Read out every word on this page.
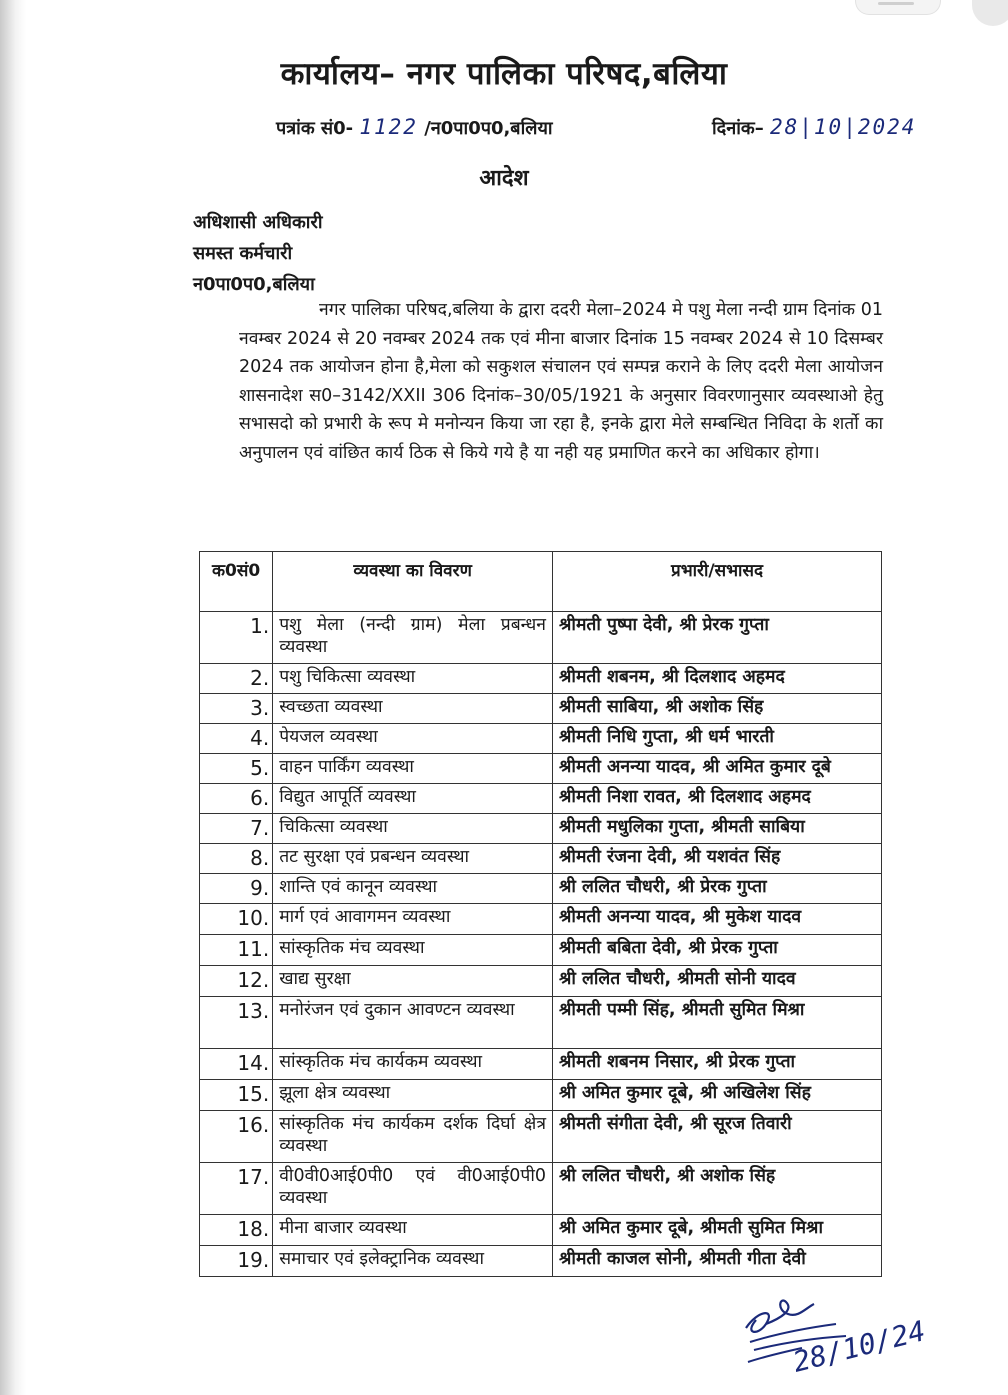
कार्यालय– नगर पालिका परिषद,बलिया
पत्रांक सं0- 1122 /न0पा0प0,बलिया	दिनांक– 28|10|2024
आदेश
अधिशासी अधिकारी
समस्त कर्मचारी
न0पा0प0,बलिया
नगर पालिका परिषद,बलिया के द्वारा ददरी मेला–2024 मे पशु मेला नन्दी ग्राम दिनांक 01 नवम्बर 2024 से 20 नवम्बर 2024 तक एवं मीना बाजार दिनांक 15 नवम्बर 2024 से 10 दिसम्बर 2024 तक आयोजन होना है,मेला को सकुशल संचालन एवं सम्पन्न कराने के लिए ददरी मेला आयोजन शासनादेश स0–3142/XXII 306 दिनांक–30/05/1921 के अनुसार विवरणानुसार व्यवस्थाओ हेतु सभासदो को प्रभारी के रूप मे मनोन्यन किया जा रहा है, इनके द्वारा मेले सम्बन्धित निविदा के शर्तो का अनुपालन एवं वांछित कार्य ठिक से किये गये है या नही यह प्रमाणित करने का अधिकार होगा।
क0सं0	व्यवस्था का विवरण	प्रभारी/सभासद
1.	पशु मेला (नन्दी ग्राम) मेला प्रबन्धन व्यवस्था	श्रीमती पुष्पा देवी, श्री प्रेरक गुप्ता
2.	पशु चिकित्सा व्यवस्था	श्रीमती शबनम, श्री दिलशाद अहमद
3.	स्वच्छता व्यवस्था	श्रीमती साबिया, श्री अशोक सिंह
4.	पेयजल व्यवस्था	श्रीमती निधि गुप्ता, श्री धर्म भारती
5.	वाहन पार्किंग व्यवस्था	श्रीमती अनन्या यादव, श्री अमित कुमार दूबे
6.	विद्युत आपूर्ति व्यवस्था	श्रीमती निशा रावत, श्री दिलशाद अहमद
7.	चिकित्सा व्यवस्था	श्रीमती मधुलिका गुप्ता, श्रीमती साबिया
8.	तट सुरक्षा एवं प्रबन्धन व्यवस्था	श्रीमती रंजना देवी, श्री यशवंत सिंह
9.	शान्ति एवं कानून व्यवस्था	श्री ललित चौधरी, श्री प्रेरक गुप्ता
10.	मार्ग एवं आवागमन व्यवस्था	श्रीमती अनन्या यादव, श्री मुकेश यादव
11.	सांस्कृतिक मंच व्यवस्था	श्रीमती बबिता देवी, श्री प्रेरक गुप्ता
12.	खाद्य सुरक्षा	श्री ललित चौधरी, श्रीमती सोनी यादव
13.	मनोरंजन एवं दुकान आवण्टन व्यवस्था	श्रीमती पम्मी सिंह, श्रीमती सुमित मिश्रा
14.	सांस्कृतिक मंच कार्यकम व्यवस्था	श्रीमती शबनम निसार, श्री प्रेरक गुप्ता
15.	झूला क्षेत्र व्यवस्था	श्री अमित कुमार दूबे, श्री अखिलेश सिंह
16.	सांस्कृतिक मंच कार्यकम दर्शक दिर्घा क्षेत्र व्यवस्था	श्रीमती संगीता देवी, श्री सूरज तिवारी
17.	वी0वी0आई0पी0 एवं वी0आई0पी0 व्यवस्था	श्री ललित चौधरी, श्री अशोक सिंह
18.	मीना बाजार व्यवस्था	श्री अमित कुमार दूबे, श्रीमती सुमित मिश्रा
19.	समाचार एवं इलेक्ट्रानिक व्यवस्था	श्रीमती काजल सोनी, श्रीमती गीता देवी
28/10/24
